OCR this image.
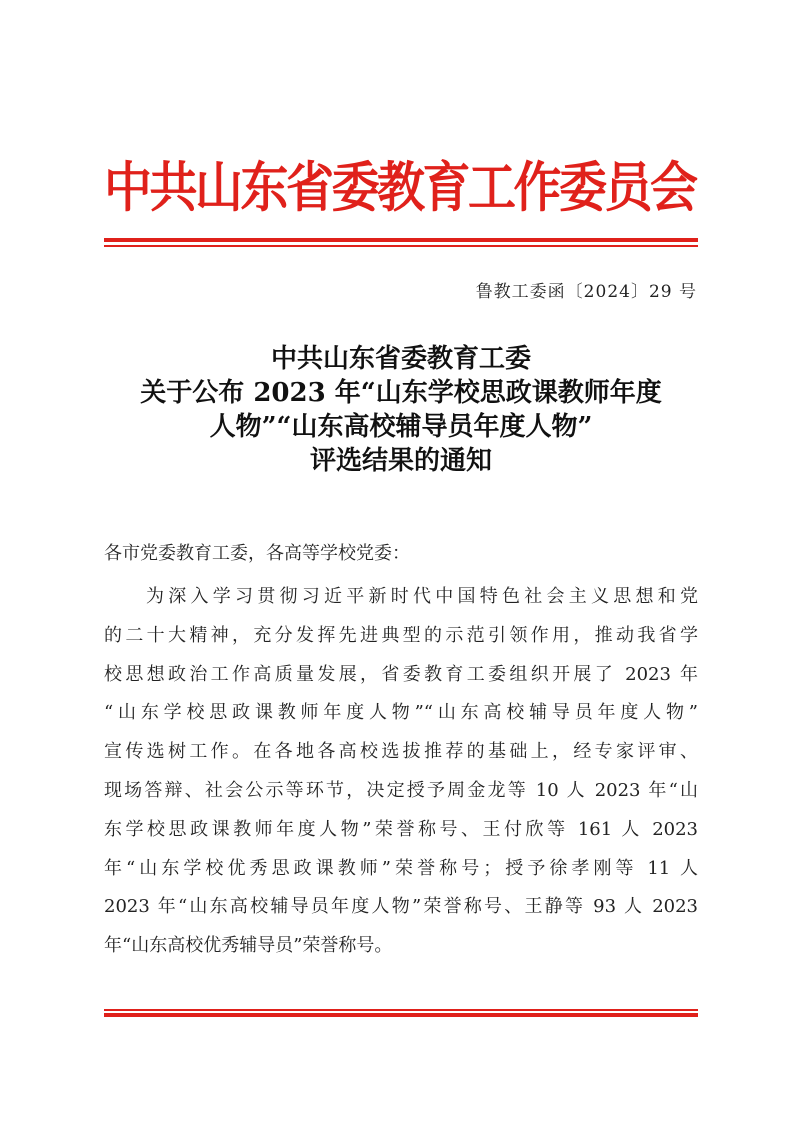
中共山东省委教育工作委员会
鲁教工委函〔2024〕29 号
中共山东省委教育工委
关于公布 2023 年“山东学校思政课教师年度
人物”“山东高校辅导员年度人物”
评选结果的通知
各市党委教育工委，各高等学校党委：
为深入学习贯彻习近平新时代中国特色社会主义思想和党
的二十大精神，充分发挥先进典型的示范引领作用，推动我省学
校思想政治工作高质量发展，省委教育工委组织开展了 2023 年
“山东学校思政课教师年度人物”“山东高校辅导员年度人物”
宣传选树工作。在各地各高校选拔推荐的基础上，经专家评审、
现场答辩、社会公示等环节，决定授予周金龙等 10 人 2023 年“山
东学校思政课教师年度人物”荣誉称号、王付欣等 161 人 2023
年“山东学校优秀思政课教师”荣誉称号；授予徐孝刚等 11 人
2023 年“山东高校辅导员年度人物”荣誉称号、王静等 93 人 2023
年“山东高校优秀辅导员”荣誉称号。
